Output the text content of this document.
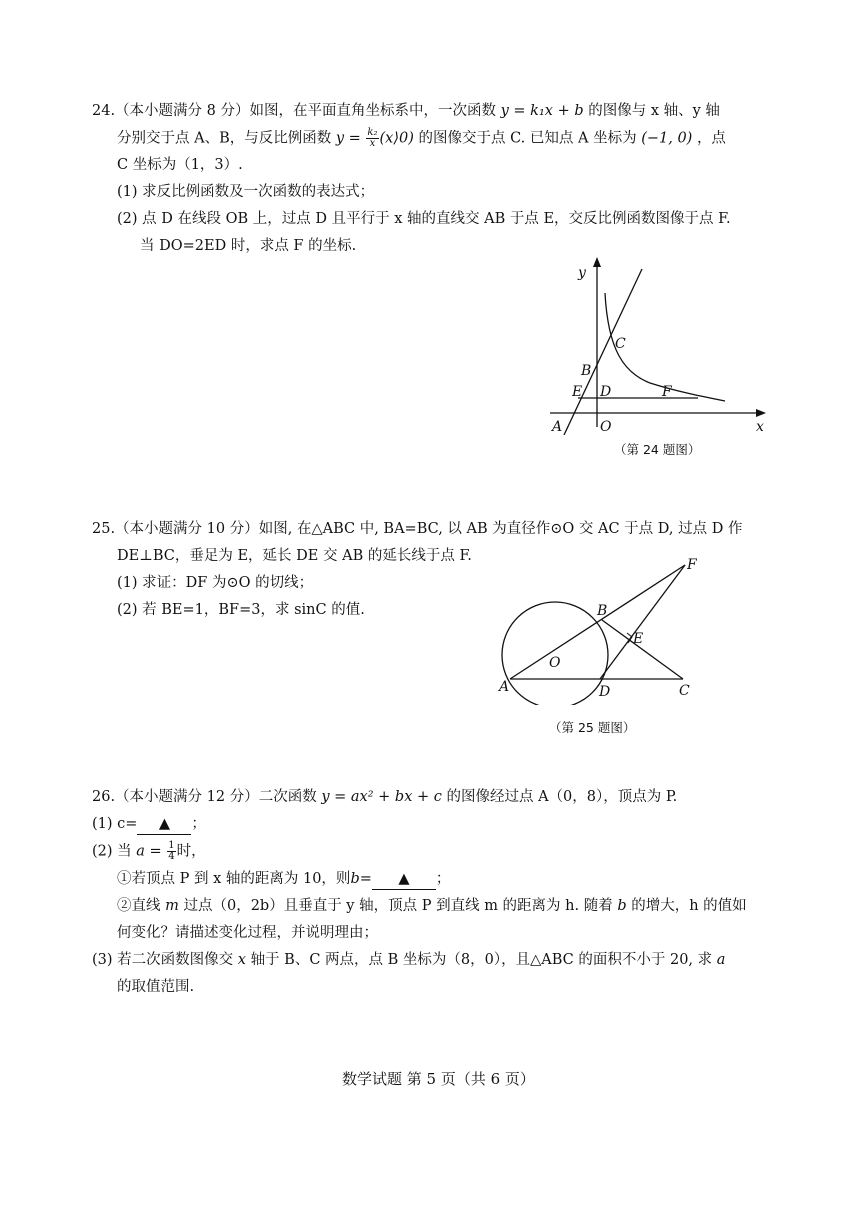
24.（本小题满分 8 分）如图，在平面直角坐标系中，一次函数 y = k₁x + b 的图像与 x 轴、y 轴
分别交于点 A、B，与反比例函数 $y = \frac{\text{k₂}}{x}$ (x⟩0) 的图像交于点 C. 已知点 A 坐标为 (−1, 0) ，点
C 坐标为（1，3）.
(1) 求反比例函数及一次函数的表达式；
(2) 点 D 在线段 OB 上，过点 D 且平行于 x 轴的直线交 AB 于点 E，交反比例函数图像于点 F.
当 DO=2ED 时，求点 F 的坐标.
y
x
C
B
E D	F
A	O
（第 24 题图）
25.（本小题满分 10 分）如图, 在△ABC 中, BA=BC, 以 AB 为直径作⊙O 交 AC 于点 D, 过点 D 作
DE⊥BC，垂足为 E，延长 DE 交 AB 的延长线于点 F.
(1) 求证：DF 为⊙O 的切线；
(2) 若 BE=1，BF=3，求 sinC 的值.
F
B
E
O
A	D	C
（第 25 题图）
26.（本小题满分 12 分）二次函数 y = ax² + bx + c 的图像经过点 A（0，8），顶点为 P.
(1) c= ▲ ；
(2) 当 $a = \frac{1}{4}$ 时，
①若顶点 P 到 x 轴的距离为 10，则b= ▲ ；
②直线 m 过点（0，2b）且垂直于 y 轴，顶点 P 到直线 m 的距离为 h. 随着 b 的增大，h 的值如
何变化？请描述变化过程，并说明理由；
(3) 若二次函数图像交 x 轴于 B、C 两点，点 B 坐标为（8，0），且△ABC 的面积不小于 20, 求 a
的取值范围.
数学试题 第 5 页（共 6 页）
